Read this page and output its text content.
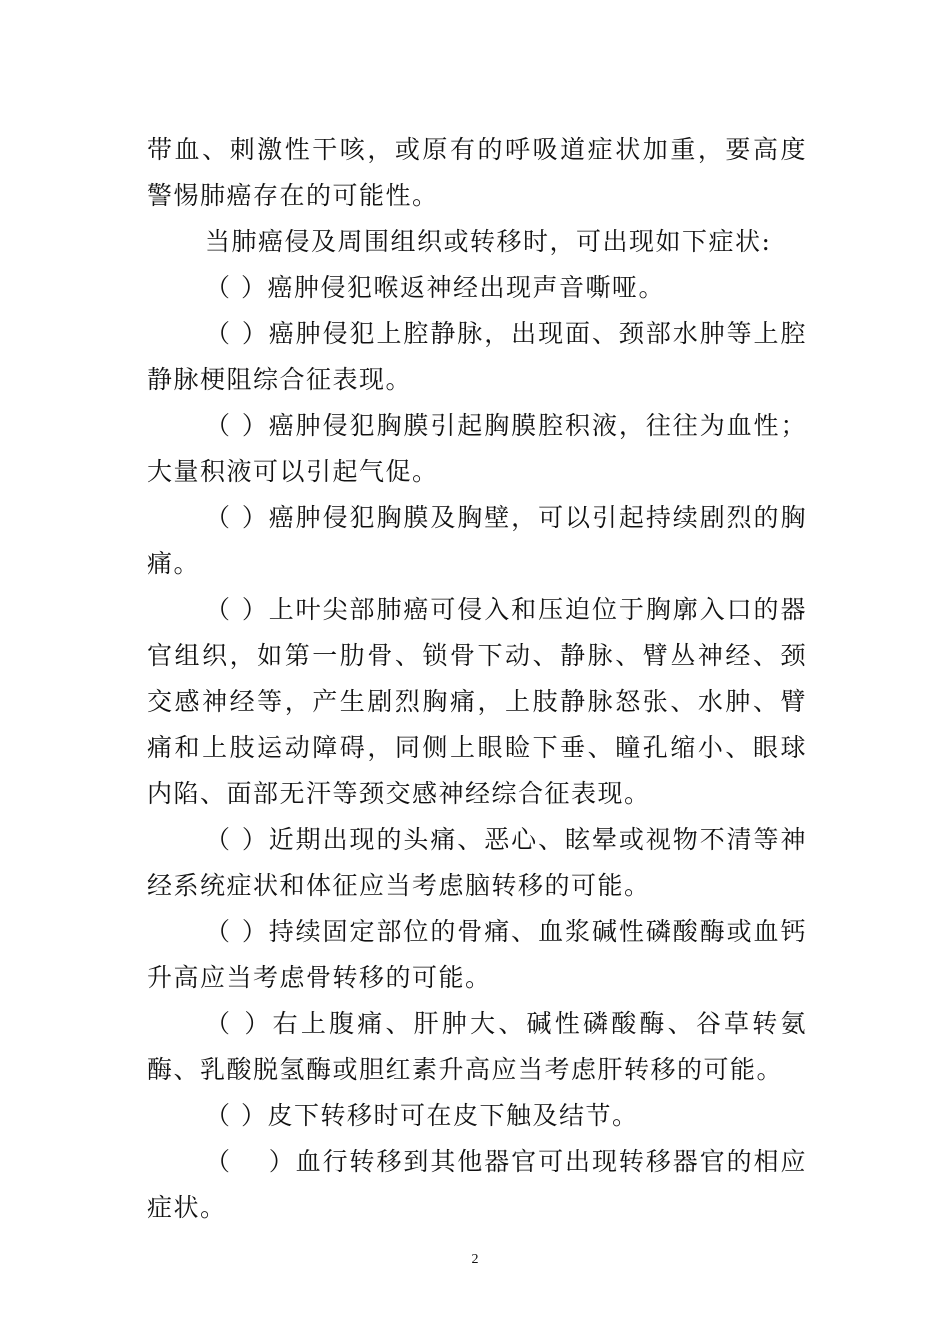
带血、刺激性干咳，或原有的呼吸道症状加重，要高度警惕肺癌存在的可能性。

当肺癌侵及周围组织或转移时，可出现如下症状:

（ ）癌肿侵犯喉返神经出现声音嘶哑。

（ ）癌肿侵犯上腔静脉，出现面、颈部水肿等上腔静脉梗阻综合征表现。

（ ）癌肿侵犯胸膜引起胸膜腔积液，往往为血性；大量积液可以引起气促。

（ ）癌肿侵犯胸膜及胸壁，可以引起持续剧烈的胸痛。

（ ）上叶尖部肺癌可侵入和压迫位于胸廓入口的器官组织，如第一肋骨、锁骨下动、静脉、臂丛神经、颈交感神经等，产生剧烈胸痛，上肢静脉怒张、水肿、臂痛和上肢运动障碍，同侧上眼睑下垂、瞳孔缩小、眼球内陷、面部无汗等颈交感神经综合征表现。

（ ）近期出现的头痛、恶心、眩晕或视物不清等神经系统症状和体征应当考虑脑转移的可能。

（ ）持续固定部位的骨痛、血浆碱性磷酸酶或血钙升高应当考虑骨转移的可能。

（ ）右上腹痛、肝肿大、碱性磷酸酶、谷草转氨酶、乳酸脱氢酶或胆红素升高应当考虑肝转移的可能。

（ ）皮下转移时可在皮下触及结节。

（　 ）血行转移到其他器官可出现转移器官的相应症状。

2
